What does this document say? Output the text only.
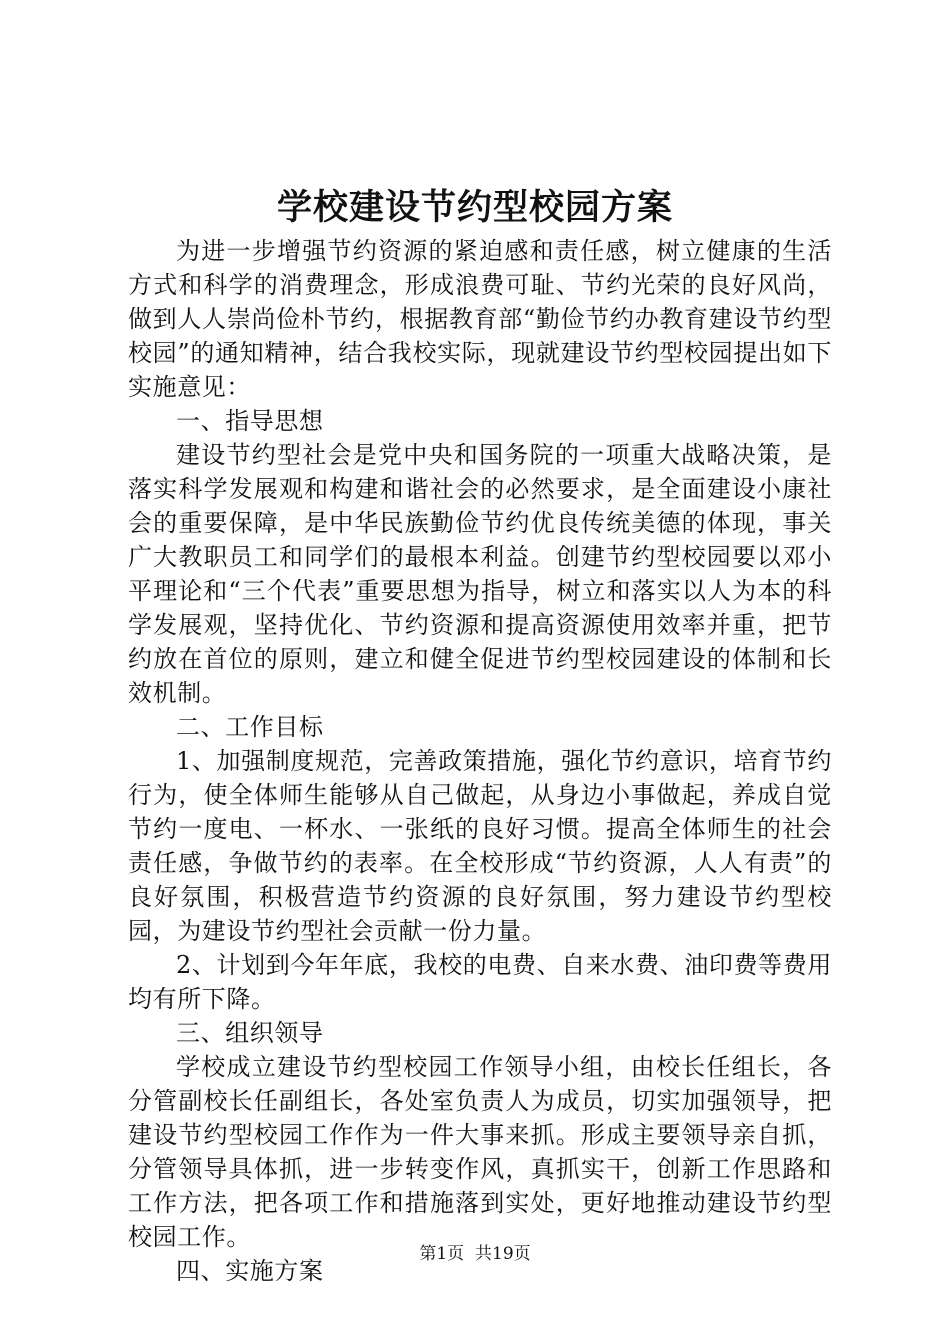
学校建设节约型校园方案

为进一步增强节约资源的紧迫感和责任感，树立健康的生活方式和科学的消费理念，形成浪费可耻、节约光荣的良好风尚，做到人人崇尚俭朴节约，根据教育部“勤俭节约办教育建设节约型校园”的通知精神，结合我校实际，现就建设节约型校园提出如下实施意见：

一、指导思想

建设节约型社会是党中央和国务院的一项重大战略决策，是落实科学发展观和构建和谐社会的必然要求，是全面建设小康社会的重要保障，是中华民族勤俭节约优良传统美德的体现，事关广大教职员工和同学们的最根本利益。创建节约型校园要以邓小平理论和“三个代表”重要思想为指导，树立和落实以人为本的科学发展观，坚持优化、节约资源和提高资源使用效率并重，把节约放在首位的原则，建立和健全促进节约型校园建设的体制和长效机制。

二、工作目标

1、加强制度规范，完善政策措施，强化节约意识，培育节约行为，使全体师生能够从自己做起，从身边小事做起，养成自觉节约一度电、一杯水、一张纸的良好习惯。提高全体师生的社会责任感，争做节约的表率。在全校形成“节约资源，人人有责”的良好氛围，积极营造节约资源的良好氛围，努力建设节约型校园，为建设节约型社会贡献一份力量。

2、计划到今年年底，我校的电费、自来水费、油印费等费用均有所下降。

三、组织领导

学校成立建设节约型校园工作领导小组，由校长任组长，各分管副校长任副组长，各处室负责人为成员，切实加强领导，把建设节约型校园工作作为一件大事来抓。形成主要领导亲自抓，分管领导具体抓，进一步转变作风，真抓实干，创新工作思路和工作方法，把各项工作和措施落到实处，更好地推动建设节约型校园工作。

四、实施方案

第1页 共19页
